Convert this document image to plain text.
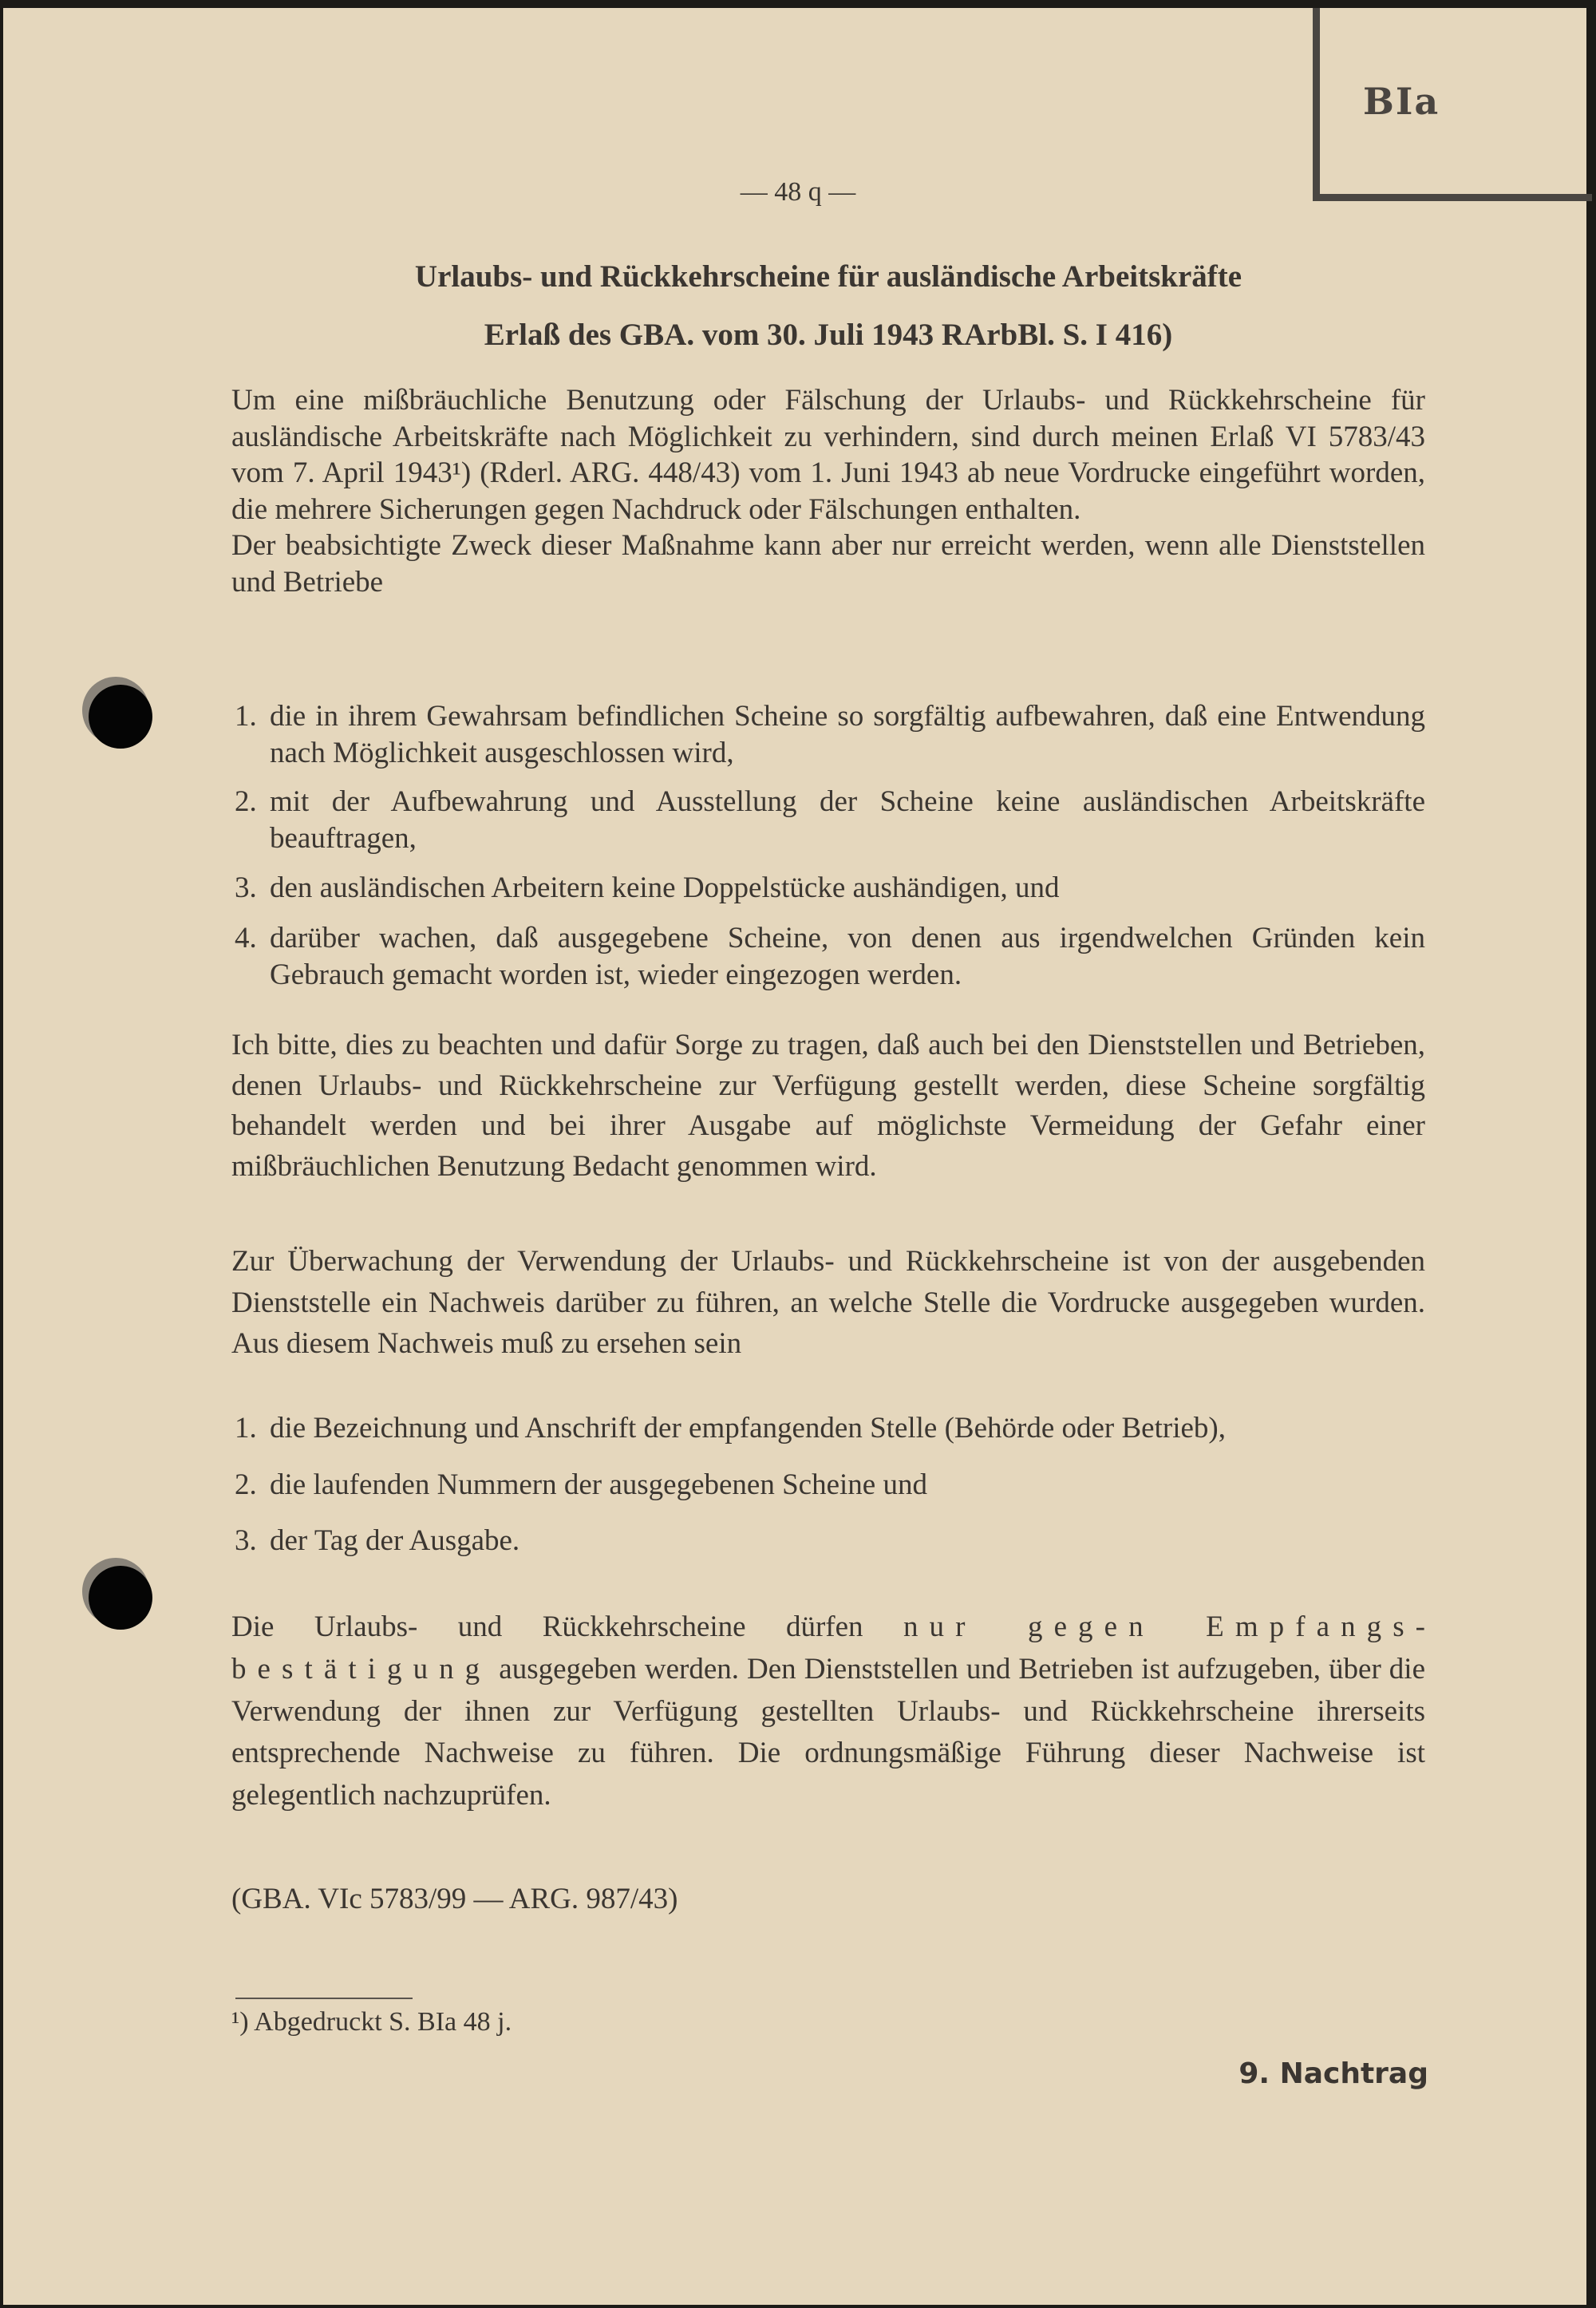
BIa
— 48 q —
Urlaubs- und Rückkehrscheine für ausländische Arbeitskräfte
Erlaß des GBA. vom 30. Juli 1943 RArbBl. S. I 416)
Um eine mißbräuchliche Benutzung oder Fälschung der Urlaubs- und Rückkehrscheine für ausländische Arbeitskräfte nach Möglichkeit zu verhindern, sind durch meinen Erlaß VI 5783/43 vom 7. April 1943¹) (Rderl. ARG. 448/43) vom 1. Juni 1943 ab neue Vordrucke eingeführt worden, die mehrere Sicherungen gegen Nachdruck oder Fälschungen enthalten.
Der beabsichtigte Zweck dieser Maßnahme kann aber nur erreicht werden, wenn alle Dienststellen und Betriebe
1. die in ihrem Gewahrsam befindlichen Scheine so sorgfältig aufbewahren, daß eine Entwendung nach Möglichkeit ausgeschlossen wird,
2. mit der Aufbewahrung und Ausstellung der Scheine keine ausländischen Arbeitskräfte beauftragen,
3. den ausländischen Arbeitern keine Doppelstücke aushändigen, und
4. darüber wachen, daß ausgegebene Scheine, von denen aus irgendwelchen Gründen kein Gebrauch gemacht worden ist, wieder eingezogen werden.
Ich bitte, dies zu beachten und dafür Sorge zu tragen, daß auch bei den Dienststellen und Betrieben, denen Urlaubs- und Rückkehrscheine zur Verfügung gestellt werden, diese Scheine sorgfältig behandelt werden und bei ihrer Ausgabe auf möglichste Vermeidung der Gefahr einer mißbräuchlichen Benutzung Bedacht genommen wird.
Zur Überwachung der Verwendung der Urlaubs- und Rückkehrscheine ist von der ausgebenden Dienststelle ein Nachweis darüber zu führen, an welche Stelle die Vordrucke ausgegeben wurden. Aus diesem Nachweis muß zu ersehen sein
1. die Bezeichnung und Anschrift der empfangenden Stelle (Behörde oder Betrieb),
2. die laufenden Nummern der ausgegebenen Scheine und
3. der Tag der Ausgabe.
Die Urlaubs- und Rückkehrscheine dürfen nur gegen Empfangsbestätigung ausgegeben werden. Den Dienststellen und Betrieben ist aufzugeben, über die Verwendung der ihnen zur Verfügung gestellten Urlaubs- und Rückkehrscheine ihrerseits entsprechende Nachweise zu führen. Die ordnungsmäßige Führung dieser Nachweise ist gelegentlich nachzuprüfen.
(GBA. VIc 5783/99 — ARG. 987/43)
¹) Abgedruckt S. BIa 48 j.
9. Nachtrag
